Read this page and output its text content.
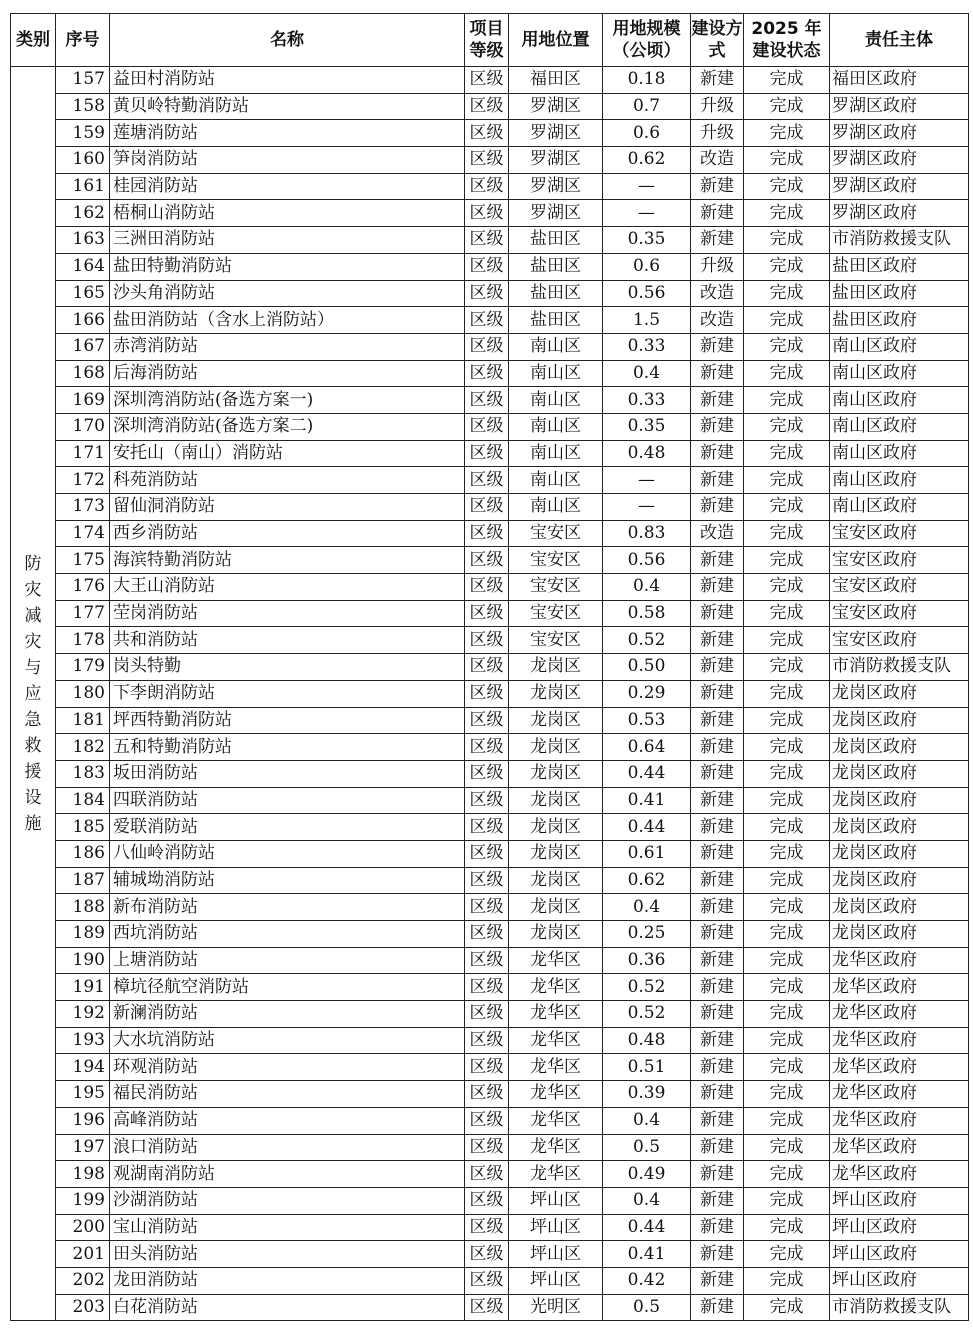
类别	序号	名称	项目等级	用地位置	用地规模（公顷）	建设方式	2025 年建设状态	责任主体
防灾减灾与应急救援设施	157	益田村消防站	区级	福田区	0.18	新建	完成	福田区政府
	158	黄贝岭特勤消防站	区级	罗湖区	0.7	升级	完成	罗湖区政府
	159	莲塘消防站	区级	罗湖区	0.6	升级	完成	罗湖区政府
	160	笋岗消防站	区级	罗湖区	0.62	改造	完成	罗湖区政府
	161	桂园消防站	区级	罗湖区	—	新建	完成	罗湖区政府
	162	梧桐山消防站	区级	罗湖区	—	新建	完成	罗湖区政府
	163	三洲田消防站	区级	盐田区	0.35	新建	完成	市消防救援支队
	164	盐田特勤消防站	区级	盐田区	0.6	升级	完成	盐田区政府
	165	沙头角消防站	区级	盐田区	0.56	改造	完成	盐田区政府
	166	盐田消防站（含水上消防站）	区级	盐田区	1.5	改造	完成	盐田区政府
	167	赤湾消防站	区级	南山区	0.33	新建	完成	南山区政府
	168	后海消防站	区级	南山区	0.4	新建	完成	南山区政府
	169	深圳湾消防站(备选方案一)	区级	南山区	0.33	新建	完成	南山区政府
	170	深圳湾消防站(备选方案二)	区级	南山区	0.35	新建	完成	南山区政府
	171	安托山（南山）消防站	区级	南山区	0.48	新建	完成	南山区政府
	172	科苑消防站	区级	南山区	—	新建	完成	南山区政府
	173	留仙洞消防站	区级	南山区	—	新建	完成	南山区政府
	174	西乡消防站	区级	宝安区	0.83	改造	完成	宝安区政府
	175	海滨特勤消防站	区级	宝安区	0.56	新建	完成	宝安区政府
	176	大王山消防站	区级	宝安区	0.4	新建	完成	宝安区政府
	177	茔岗消防站	区级	宝安区	0.58	新建	完成	宝安区政府
	178	共和消防站	区级	宝安区	0.52	新建	完成	宝安区政府
	179	岗头特勤	区级	龙岗区	0.50	新建	完成	市消防救援支队
	180	下李朗消防站	区级	龙岗区	0.29	新建	完成	龙岗区政府
	181	坪西特勤消防站	区级	龙岗区	0.53	新建	完成	龙岗区政府
	182	五和特勤消防站	区级	龙岗区	0.64	新建	完成	龙岗区政府
	183	坂田消防站	区级	龙岗区	0.44	新建	完成	龙岗区政府
	184	四联消防站	区级	龙岗区	0.41	新建	完成	龙岗区政府
	185	爱联消防站	区级	龙岗区	0.44	新建	完成	龙岗区政府
	186	八仙岭消防站	区级	龙岗区	0.61	新建	完成	龙岗区政府
	187	辅城坳消防站	区级	龙岗区	0.62	新建	完成	龙岗区政府
	188	新布消防站	区级	龙岗区	0.4	新建	完成	龙岗区政府
	189	西坑消防站	区级	龙岗区	0.25	新建	完成	龙岗区政府
	190	上塘消防站	区级	龙华区	0.36	新建	完成	龙华区政府
	191	樟坑径航空消防站	区级	龙华区	0.52	新建	完成	龙华区政府
	192	新澜消防站	区级	龙华区	0.52	新建	完成	龙华区政府
	193	大水坑消防站	区级	龙华区	0.48	新建	完成	龙华区政府
	194	环观消防站	区级	龙华区	0.51	新建	完成	龙华区政府
	195	福民消防站	区级	龙华区	0.39	新建	完成	龙华区政府
	196	高峰消防站	区级	龙华区	0.4	新建	完成	龙华区政府
	197	浪口消防站	区级	龙华区	0.5	新建	完成	龙华区政府
	198	观湖南消防站	区级	龙华区	0.49	新建	完成	龙华区政府
	199	沙湖消防站	区级	坪山区	0.4	新建	完成	坪山区政府
	200	宝山消防站	区级	坪山区	0.44	新建	完成	坪山区政府
	201	田头消防站	区级	坪山区	0.41	新建	完成	坪山区政府
	202	龙田消防站	区级	坪山区	0.42	新建	完成	坪山区政府
	203	白花消防站	区级	光明区	0.5	新建	完成	市消防救援支队
